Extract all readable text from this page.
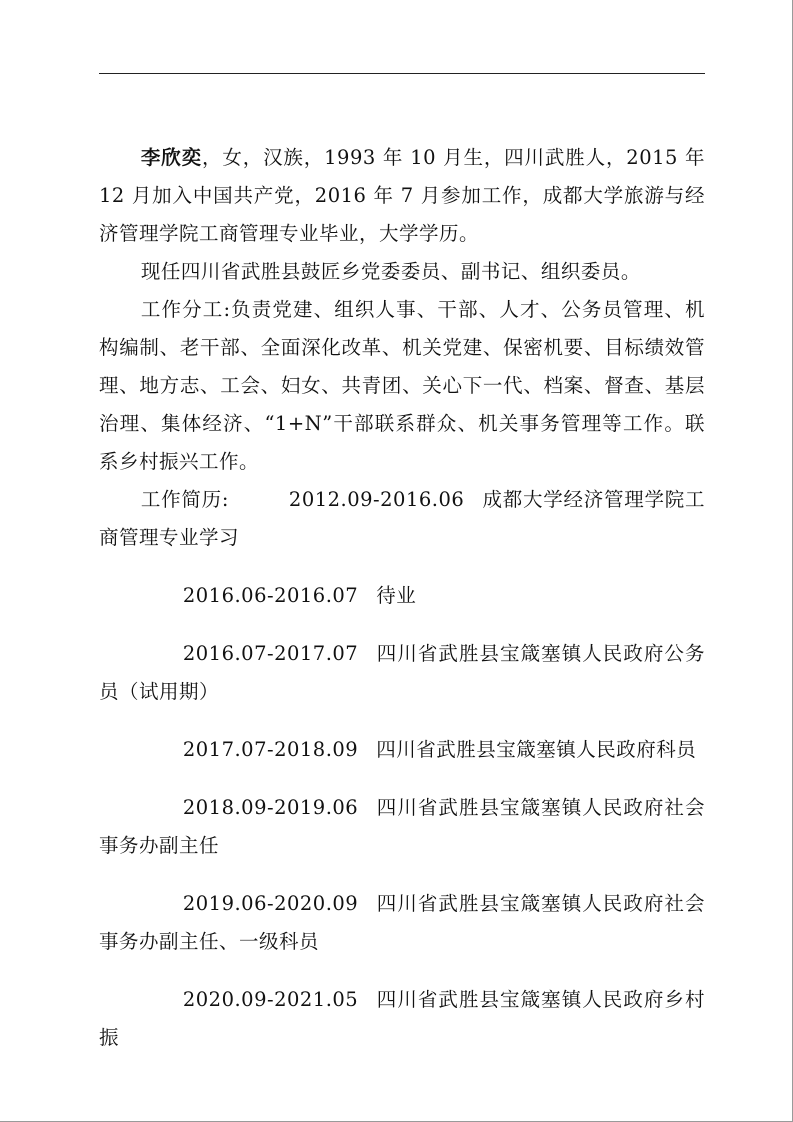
李欣奕，女，汉族，1993 年 10 月生，四川武胜人，2015 年 12 月加入中国共产党，2016 年 7 月参加工作，成都大学旅游与经济管理学院工商管理专业毕业，大学学历。

现任四川省武胜县鼓匠乡党委委员、副书记、组织委员。

工作分工:负责党建、组织人事、干部、人才、公务员管理、机构编制、老干部、全面深化改革、机关党建、保密机要、目标绩效管理、地方志、工会、妇女、共青团、关心下一代、档案、督查、基层治理、集体经济、“1+N”干部联系群众、机关事务管理等工作。联系乡村振兴工作。

工作简历:	2012.09-2016.06 成都大学经济管理学院工商管理专业学习

2016.06-2016.07 待业

2016.07-2017.07 四川省武胜县宝箴塞镇人民政府公务员（试用期）

2017.07-2018.09 四川省武胜县宝箴塞镇人民政府科员

2018.09-2019.06 四川省武胜县宝箴塞镇人民政府社会事务办副主任

2019.06-2020.09 四川省武胜县宝箴塞镇人民政府社会事务办副主任、一级科员

2020.09-2021.05 四川省武胜县宝箴塞镇人民政府乡村振
